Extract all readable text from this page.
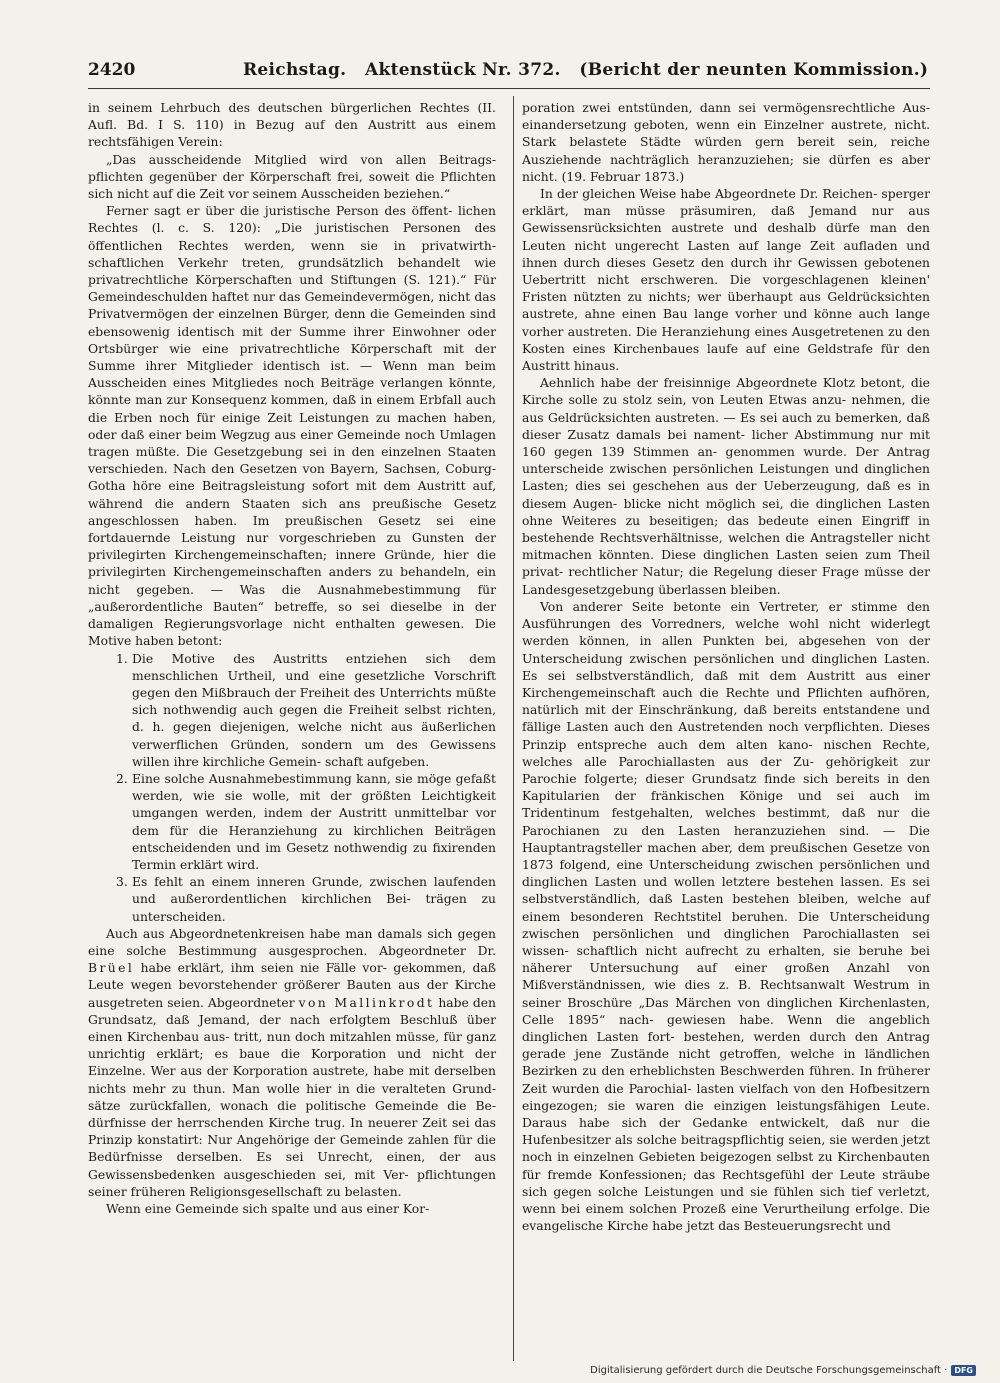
2420	Reichstag.   Aktenstück Nr. 372.   (Bericht der neunten Kommission.)

in seinem Lehrbuch des deutschen bürgerlichen Rechtes (II. Aufl. Bd. I S. 110) in Bezug auf den Austritt aus einem rechtsfähigen Verein:

„Das ausscheidende Mitglied wird von allen Beitrags- pflichten gegenüber der Körperschaft frei, soweit die Pflichten sich nicht auf die Zeit vor seinem Ausscheiden beziehen.“

Ferner sagt er über die juristische Person des öffent- lichen Rechtes (l. c. S. 120): „Die juristischen Personen des öffentlichen Rechtes werden, wenn sie in privatwirth- schaftlichen Verkehr treten, grundsätzlich behandelt wie privatrechtliche Körperschaften und Stiftungen (S. 121).“ Für Gemeindeschulden haftet nur das Gemeindevermögen, nicht das Privatvermögen der einzelnen Bürger, denn die Gemeinden sind ebensowenig identisch mit der Summe ihrer Einwohner oder Ortsbürger wie eine privatrechtliche Körperschaft mit der Summe ihrer Mitglieder identisch ist. — Wenn man beim Ausscheiden eines Mitgliedes noch Beiträge verlangen könnte, könnte man zur Konsequenz kommen, daß in einem Erbfall auch die Erben noch für einige Zeit Leistungen zu machen haben, oder daß einer beim Wegzug aus einer Gemeinde noch Umlagen tragen müßte. Die Gesetzgebung sei in den einzelnen Staaten verschieden. Nach den Gesetzen von Bayern, Sachsen, Coburg-Gotha höre eine Beitragsleistung sofort mit dem Austritt auf, während die andern Staaten sich ans preußische Gesetz angeschlossen haben. Im preußischen Gesetz sei eine fortdauernde Leistung nur vorgeschrieben zu Gunsten der privilegirten Kirchengemeinschaften; innere Gründe, hier die privilegirten Kirchengemeinschaften anders zu behandeln, ein nicht gegeben. — Was die Ausnahmebestimmung für „außerordentliche Bauten“ betreffe, so sei dieselbe in der damaligen Regierungsvorlage nicht enthalten gewesen. Die Motive haben betont:

1. Die Motive des Austritts entziehen sich dem menschlichen Urtheil, und eine gesetzliche Vorschrift gegen den Mißbrauch der Freiheit des Unterrichts müßte sich nothwendig auch gegen die Freiheit selbst richten, d. h. gegen diejenigen, welche nicht aus äußerlichen verwerflichen Gründen, sondern um des Gewissens willen ihre kirchliche Gemein- schaft aufgeben.
2. Eine solche Ausnahmebestimmung kann, sie möge gefaßt werden, wie sie wolle, mit der größten Leichtigkeit umgangen werden, indem der Austritt unmittelbar vor dem für die Heranziehung zu kirchlichen Beiträgen entscheidenden und im Gesetz nothwendig zu fixirenden Termin erklärt wird.
3. Es fehlt an einem inneren Grunde, zwischen laufenden und außerordentlichen kirchlichen Bei- trägen zu unterscheiden.

Auch aus Abgeordnetenkreisen habe man damals sich gegen eine solche Bestimmung ausgesprochen. Abgeordneter Dr. Brüel habe erklärt, ihm seien nie Fälle vor- gekommen, daß Leute wegen bevorstehender größerer Bauten aus der Kirche ausgetreten seien. Abgeordneter von Mallinkrodt habe den Grundsatz, daß Jemand, der nach erfolgtem Beschluß über einen Kirchenbau aus- tritt, nun doch mitzahlen müsse, für ganz unrichtig erklärt; es baue die Korporation und nicht der Einzelne. Wer aus der Korporation austrete, habe mit derselben nichts mehr zu thun. Man wolle hier in die veralteten Grund- sätze zurückfallen, wonach die politische Gemeinde die Be- dürfnisse der herrschenden Kirche trug. In neuerer Zeit sei das Prinzip konstatirt: Nur Angehörige der Gemeinde zahlen für die Bedürfnisse derselben. Es sei Unrecht, einen, der aus Gewissensbedenken ausgeschieden sei, mit Ver- pflichtungen seiner früheren Religionsgesellschaft zu belasten.

Wenn eine Gemeinde sich spalte und aus einer Kor-

poration zwei entstünden, dann sei vermögensrechtliche Aus- einandersetzung geboten, wenn ein Einzelner austrete, nicht. Stark belastete Städte würden gern bereit sein, reiche Ausziehende nachträglich heranzuziehen; sie dürfen es aber nicht. (19. Februar 1873.)

In der gleichen Weise habe Abgeordnete Dr. Reichen- sperger erklärt, man müsse präsumiren, daß Jemand nur aus Gewissensrücksichten austrete und deshalb dürfe man den Leuten nicht ungerecht Lasten auf lange Zeit aufladen und ihnen durch dieses Gesetz den durch ihr Gewissen gebotenen Uebertritt nicht erschweren. Die vorgeschlagenen kleinen' Fristen nützten zu nichts; wer überhaupt aus Geldrücksichten austrete, ahne einen Bau lange vorher und könne auch lange vorher austreten. Die Heranziehung eines Ausgetretenen zu den Kosten eines Kirchenbaues laufe auf eine Geldstrafe für den Austritt hinaus.

Aehnlich habe der freisinnige Abgeordnete Klotz betont, die Kirche solle zu stolz sein, von Leuten Etwas anzu- nehmen, die aus Geldrücksichten austreten. — Es sei auch zu bemerken, daß dieser Zusatz damals bei nament- licher Abstimmung nur mit 160 gegen 139 Stimmen an- genommen wurde. Der Antrag unterscheide zwischen persönlichen Leistungen und dinglichen Lasten; dies sei geschehen aus der Ueberzeugung, daß es in diesem Augen- blicke nicht möglich sei, die dinglichen Lasten ohne Weiteres zu beseitigen; das bedeute einen Eingriff in bestehende Rechtsverhältnisse, welchen die Antragsteller nicht mitmachen könnten. Diese dinglichen Lasten seien zum Theil privat- rechtlicher Natur; die Regelung dieser Frage müsse der Landesgesetzgebung überlassen bleiben.

Von anderer Seite betonte ein Vertreter, er stimme den Ausführungen des Vorredners, welche wohl nicht widerlegt werden können, in allen Punkten bei, abgesehen von der Unterscheidung zwischen persönlichen und dinglichen Lasten. Es sei selbstverständlich, daß mit dem Austritt aus einer Kirchengemeinschaft auch die Rechte und Pflichten aufhören, natürlich mit der Einschränkung, daß bereits entstandene und fällige Lasten auch den Austretenden noch verpflichten. Dieses Prinzip entspreche auch dem alten kano- nischen Rechte, welches alle Parochiallasten aus der Zu- gehörigkeit zur Parochie folgerte; dieser Grundsatz finde sich bereits in den Kapitularien der fränkischen Könige und sei auch im Tridentinum festgehalten, welches bestimmt, daß nur die Parochianen zu den Lasten heranzuziehen sind. — Die Hauptantragsteller machen aber, dem preußischen Gesetze von 1873 folgend, eine Unterscheidung zwischen persönlichen und dinglichen Lasten und wollen letztere bestehen lassen. Es sei selbstverständlich, daß Lasten bestehen bleiben, welche auf einem besonderen Rechtstitel beruhen. Die Unterscheidung zwischen persönlichen und dinglichen Parochiallasten sei wissen- schaftlich nicht aufrecht zu erhalten, sie beruhe bei näherer Untersuchung auf einer großen Anzahl von Mißverständnissen, wie dies z. B. Rechtsanwalt Westrum in seiner Broschüre „Das Märchen von dinglichen Kirchenlasten, Celle 1895“ nach- gewiesen habe. Wenn die angeblich dinglichen Lasten fort- bestehen, werden durch den Antrag gerade jene Zustände nicht getroffen, welche in ländlichen Bezirken zu den erheblichsten Beschwerden führen. In früherer Zeit wurden die Parochial- lasten vielfach von den Hofbesitzern eingezogen; sie waren die einzigen leistungsfähigen Leute. Daraus habe sich der Gedanke entwickelt, daß nur die Hufenbesitzer als solche beitragspflichtig seien, sie werden jetzt noch in einzelnen Gebieten beigezogen selbst zu Kirchenbauten für fremde Konfessionen; das Rechtsgefühl der Leute sträube sich gegen solche Leistungen und sie fühlen sich tief verletzt, wenn bei einem solchen Prozeß eine Verurtheilung erfolge. Die evangelische Kirche habe jetzt das Besteuerungsrecht und

Digitalisierung gefördert durch die Deutsche Forschungsgemeinschaft · DFG
